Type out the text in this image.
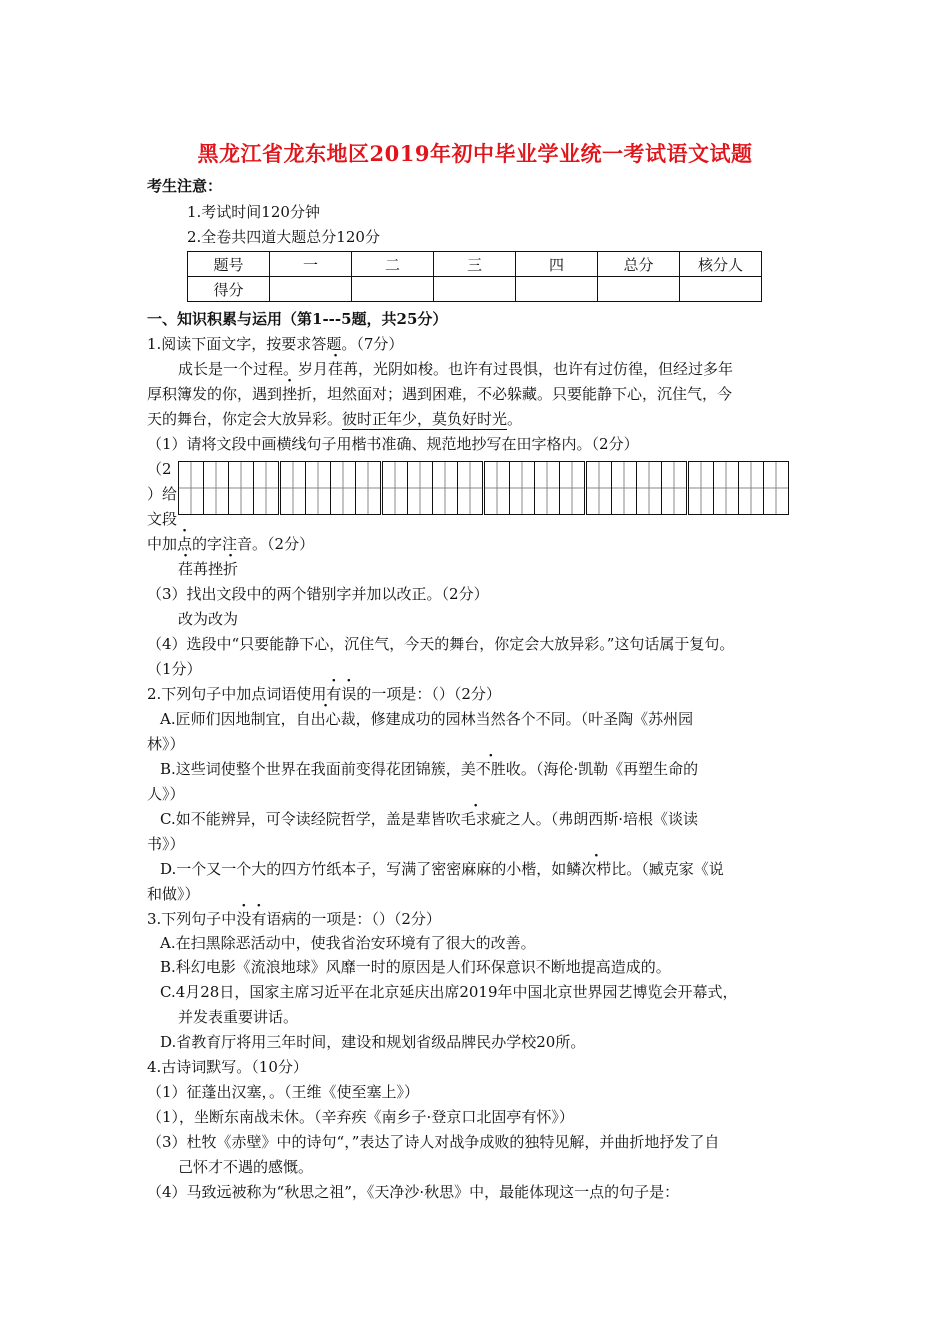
黑龙江省龙东地区2019年初中毕业学业统一考试语文试题
考生注意：
1.考试时间120分钟
2.全卷共四道大题总分120分
题号	一	二	三	四	总分	核分人
得分						
一、知识积累与运用（第1---5题，共25分）
1.阅读下面文字，按要求答题。（7分）
成长是一个过程。岁月荏苒，光阴如梭。也许有过畏惧，也许有过仿徨，但经过多年
厚积簿发的你，遇到挫折，坦然面对；遇到困难，不必躲藏。只要能静下心，沉住气，今
天的舞台，你定会大放异彩。彼时正年少，莫负好时光。
（1）请将文段中画横线句子用楷书准确、规范地抄写在田字格内。（2分）
（2
）给
文段
中加点的字注音。（2分）
荏苒挫折
（3）找出文段中的两个错别字并加以改正。（2分）
改为改为
（4）选段中“只要能静下心，沉住气，今天的舞台，你定会大放异彩。”这句话属于复句。
（1分）
2.下列句子中加点词语使用有误的一项是：（）（2分）
A.匠师们因地制宜，自出心裁，修建成功的园林当然各个不同。（叶圣陶《苏州园
林》）
B.这些词使整个世界在我面前变得花团锦簇，美不胜收。（海伦·凯勒《再塑生命的
人》）
C.如不能辨异，可令读经院哲学，盖是辈皆吹毛求疵之人。（弗朗西斯·培根《谈读
书》）
D.一个又一个大的四方竹纸本子，写满了密密麻麻的小楷，如鳞次栉比。（臧克家《说
和做》）
3.下列句子中没有语病的一项是：（）（2分）
A.在扫黑除恶活动中，使我省治安环境有了很大的改善。
B.科幻电影《流浪地球》风靡一时的原因是人们环保意识不断地提高造成的。
C.4月28日，国家主席习近平在北京延庆出席2019年中国北京世界园艺博览会开幕式，
并发表重要讲话。
D.省教育厅将用三年时间，建设和规划省级品牌民办学校20所。
4.古诗词默写。（10分）
（1）征蓬出汉塞，。（王维《使至塞上》）
（1），坐断东南战未休。（辛弃疾《南乡子·登京口北固亭有怀》）
（3）杜牧《赤壁》中的诗句“，”表达了诗人对战争成败的独特见解，并曲折地抒发了自
己怀才不遇的感慨。
（4）马致远被称为“秋思之祖”，《天净沙·秋思》中，最能体现这一点的句子是：
